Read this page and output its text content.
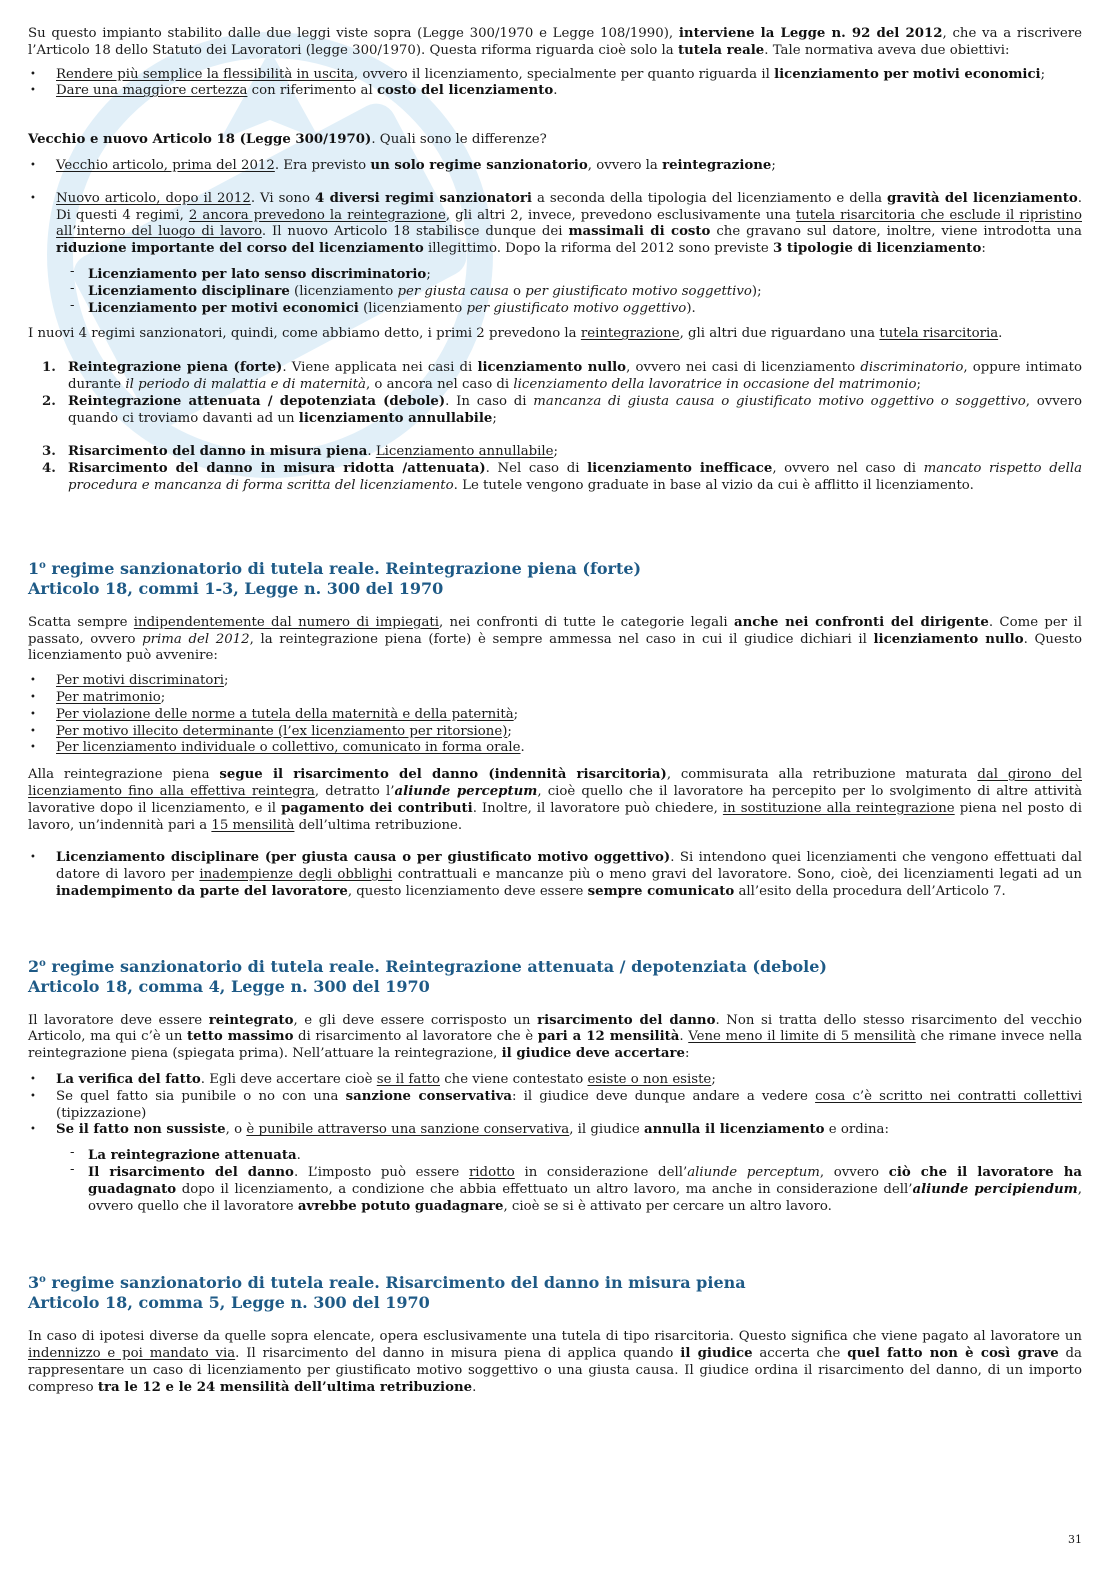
Su questo impianto stabilito dalle due leggi viste sopra (Legge 300/1970 e Legge 108/1990), interviene la Legge n. 92 del 2012, che va a riscrivere l’Articolo 18 dello Statuto dei Lavoratori (legge 300/1970). Questa riforma riguarda cioè solo la tutela reale. Tale normativa aveva due obiettivi:

• Rendere più semplice la flessibilità in uscita, ovvero il licenziamento, specialmente per quanto riguarda il licenziamento per motivi economici;
• Dare una maggiore certezza con riferimento al costo del licenziamento.

Vecchio e nuovo Articolo 18 (Legge 300/1970). Quali sono le differenze?

• Vecchio articolo, prima del 2012. Era previsto un solo regime sanzionatorio, ovvero la reintegrazione;
• Nuovo articolo, dopo il 2012. Vi sono 4 diversi regimi sanzionatori a seconda della tipologia del licenziamento e della gravità del licenziamento. Di questi 4 regimi, 2 ancora prevedono la reintegrazione, gli altri 2, invece, prevedono esclusivamente una tutela risarcitoria che esclude il ripristino all’interno del luogo di lavoro. Il nuovo Articolo 18 stabilisce dunque dei massimali di costo che gravano sul datore, inoltre, viene introdotta una riduzione importante del corso del licenziamento illegittimo. Dopo la riforma del 2012 sono previste 3 tipologie di licenziamento:
- Licenziamento per lato senso discriminatorio;
- Licenziamento disciplinare (licenziamento per giusta causa o per giustificato motivo soggettivo);
- Licenziamento per motivi economici (licenziamento per giustificato motivo oggettivo).

I nuovi 4 regimi sanzionatori, quindi, come abbiamo detto, i primi 2 prevedono la reintegrazione, gli altri due riguardano una tutela risarcitoria.

1. Reintegrazione piena (forte). Viene applicata nei casi di licenziamento nullo, ovvero nei casi di licenziamento discriminatorio, oppure intimato durante il periodo di malattia e di maternità, o ancora nel caso di licenziamento della lavoratrice in occasione del matrimonio;
2. Reintegrazione attenuata / depotenziata (debole). In caso di mancanza di giusta causa o giustificato motivo oggettivo o soggettivo, ovvero quando ci troviamo davanti ad un licenziamento annullabile;
3. Risarcimento del danno in misura piena. Licenziamento annullabile;
4. Risarcimento del danno in misura ridotta /attenuata). Nel caso di licenziamento inefficace, ovvero nel caso di mancato rispetto della procedura e mancanza di forma scritta del licenziamento. Le tutele vengono graduate in base al vizio da cui è afflitto il licenziamento.
1$^o$ regime sanzionatorio di tutela reale. Reintegrazione piena (forte)
Articolo 18, commi 1-3, Legge n. 300 del 1970

Scatta sempre indipendentemente dal numero di impiegati, nei confronti di tutte le categorie legali anche nei confronti del dirigente. Come per il passato, ovvero prima del 2012, la reintegrazione piena (forte) è sempre ammessa nel caso in cui il giudice dichiari il licenziamento nullo. Questo licenziamento può avvenire:

• Per motivi discriminatori;
• Per matrimonio;
• Per violazione delle norme a tutela della maternità e della paternità;
• Per motivo illecito determinante (l’ex licenziamento per ritorsione);
• Per licenziamento individuale o collettivo, comunicato in forma orale.

Alla reintegrazione piena segue il risarcimento del danno (indennità risarcitoria), commisurata alla retribuzione maturata dal girono del licenziamento fino alla effettiva reintegra, detratto l’aliunde perceptum, cioè quello che il lavoratore ha percepito per lo svolgimento di altre attività lavorative dopo il licenziamento, e il pagamento dei contributi. Inoltre, il lavoratore può chiedere, in sostituzione alla reintegrazione piena nel posto di lavoro, un’indennità pari a 15 mensilità dell’ultima retribuzione.

• Licenziamento disciplinare (per giusta causa o per giustificato motivo oggettivo). Si intendono quei licenziamenti che vengono effettuati dal datore di lavoro per inadempienze degli obblighi contrattuali e mancanze più o meno gravi del lavoratore. Sono, cioè, dei licenziamenti legati ad un inadempimento da parte del lavoratore, questo licenziamento deve essere sempre comunicato all’esito della procedura dell’Articolo 7.
2$^o$ regime sanzionatorio di tutela reale. Reintegrazione attenuata / depotenziata (debole)
Articolo 18, comma 4, Legge n. 300 del 1970

Il lavoratore deve essere reintegrato, e gli deve essere corrisposto un risarcimento del danno. Non si tratta dello stesso risarcimento del vecchio Articolo, ma qui c’è un tetto massimo di risarcimento al lavoratore che è pari a 12 mensilità. Vene meno il limite di 5 mensilità che rimane invece nella reintegrazione piena (spiegata prima). Nell’attuare la reintegrazione, il giudice deve accertare:

• La verifica del fatto. Egli deve accertare cioè se il fatto che viene contestato esiste o non esiste;
• Se quel fatto sia punibile o no con una sanzione conservativa: il giudice deve dunque andare a vedere cosa c’è scritto nei contratti collettivi (tipizzazione)
• Se il fatto non sussiste, o è punibile attraverso una sanzione conservativa, il giudice annulla il licenziamento e ordina:
- La reintegrazione attenuata.
- Il risarcimento del danno. L’imposto può essere ridotto in considerazione dell’aliunde perceptum, ovvero ciò che il lavoratore ha guadagnato dopo il licenziamento, a condizione che abbia effettuato un altro lavoro, ma anche in considerazione dell’aliunde percipiendum, ovvero quello che il lavoratore avrebbe potuto guadagnare, cioè se si è attivato per cercare un altro lavoro.
3$^o$ regime sanzionatorio di tutela reale. Risarcimento del danno in misura piena
Articolo 18, comma 5, Legge n. 300 del 1970

In caso di ipotesi diverse da quelle sopra elencate, opera esclusivamente una tutela di tipo risarcitoria. Questo significa che viene pagato al lavoratore un indennizzo e poi mandato via. Il risarcimento del danno in misura piena di applica quando il giudice accerta che quel fatto non è così grave da rappresentare un caso di licenziamento per giustificato motivo soggettivo o una giusta causa. Il giudice ordina il risarcimento del danno, di un importo compreso tra le 12 e le 24 mensilità dell’ultima retribuzione.

31
